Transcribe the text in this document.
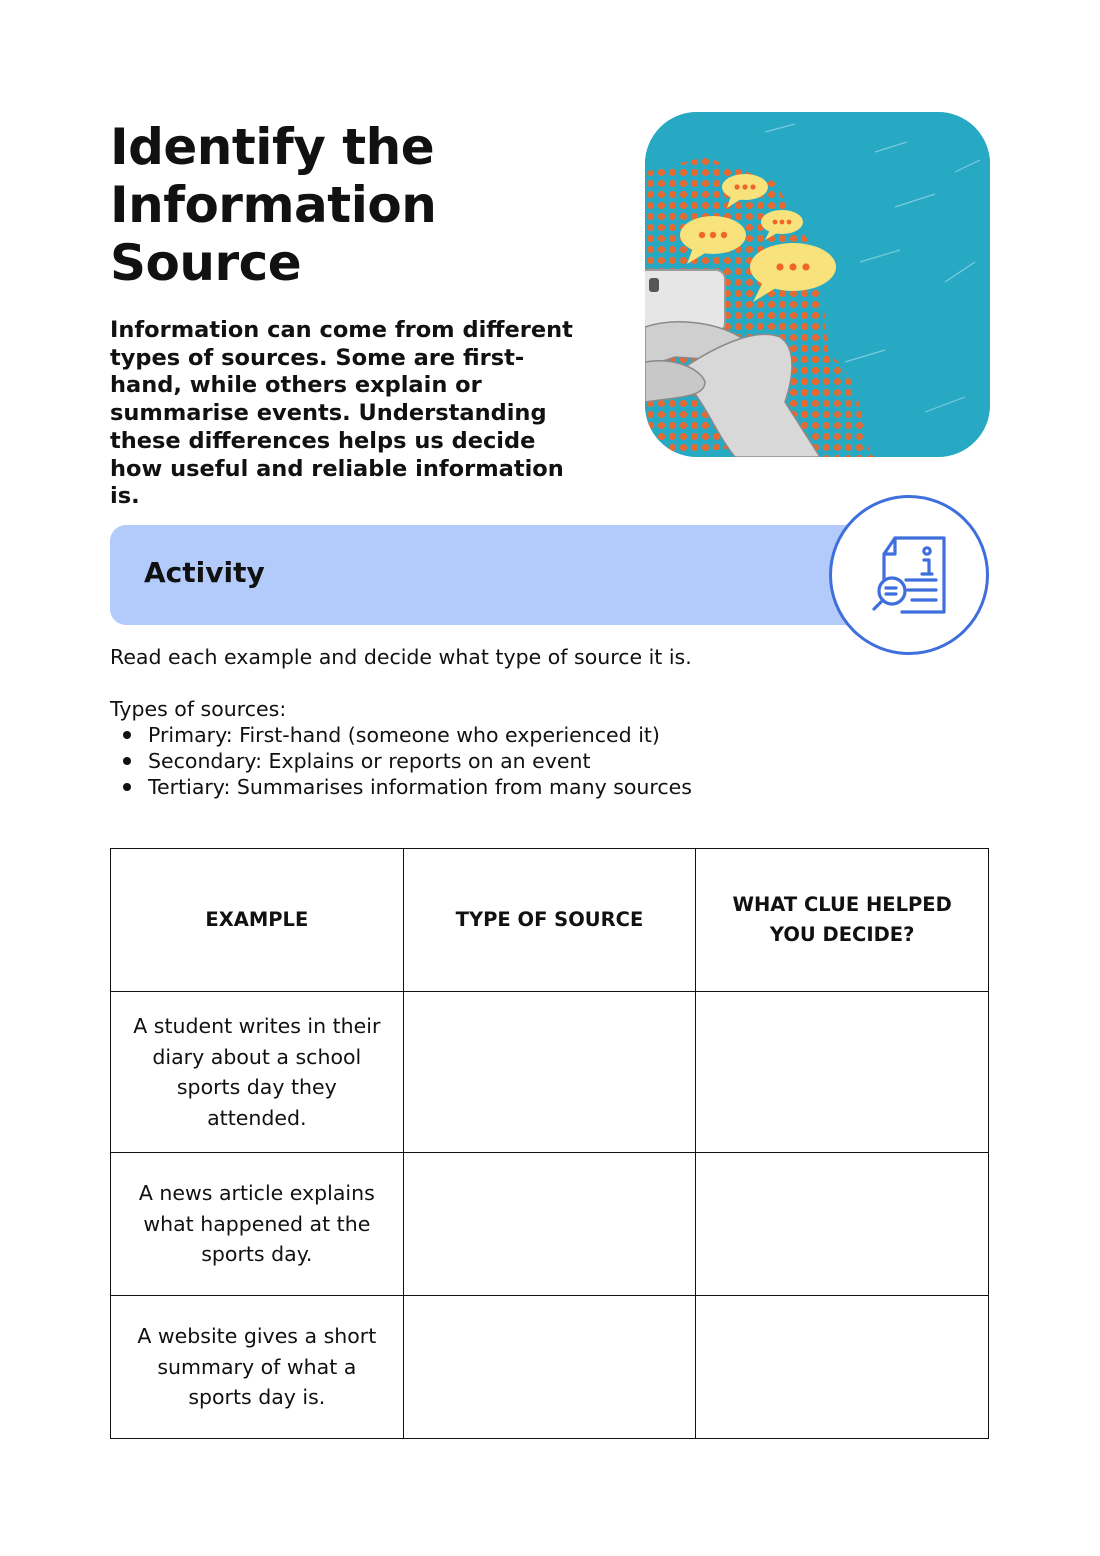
Identify the
Information
Source

Information can come from different types of sources. Some are first-hand, while others explain or summarise events. Understanding these differences helps us decide how useful and reliable information is.

Activity

Read each example and decide what type of source it is.

Types of sources:

Primary: First-hand (someone who experienced it)
Secondary: Explains or reports on an event
Tertiary: Summarises information from many sources
EXAMPLE	TYPE OF SOURCE	WHAT CLUE HELPED YOU DECIDE?
A student writes in their diary about a school sports day they attended.		
A news article explains what happened at the sports day.		
A website gives a short summary of what a sports day is.		
